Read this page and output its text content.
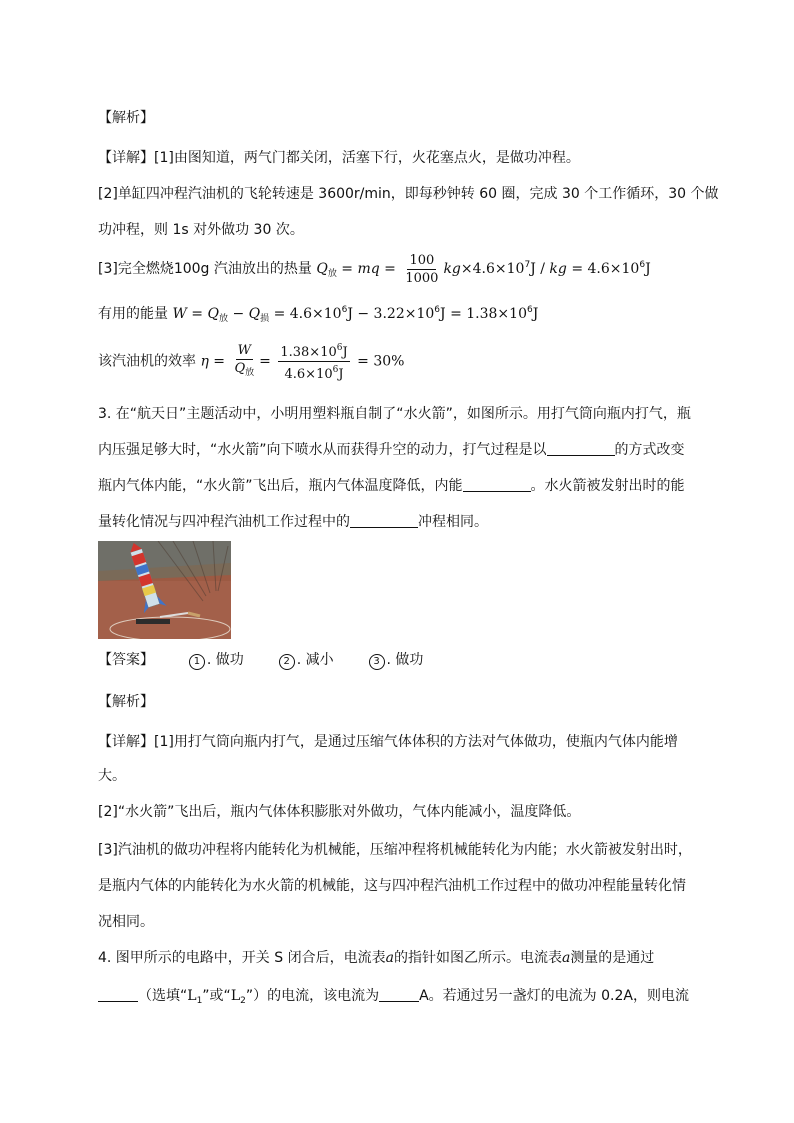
【解析】
【详解】[1]由图知道，两气门都关闭，活塞下行，火花塞点火，是做功冲程。
[2]单缸四冲程汽油机的飞轮转速是 3600r/min，即每秒钟转 60 圈，完成 30 个工作循环，30 个做
功冲程，则 1s 对外做功 30 次。
[3]完全燃烧100g 汽油放出的热量 $Q_放$ = mq = $\frac{100}{1000} kg\times 4.6\times 10^7J$ / kg = $4.6\times 10^6J$
有用的能量 $W = Q_放 - Q_损 = 4.6\times 10^6J - 3.22\times 10^6J = 1.38\times 10^6J$
该汽油机的效率 $\eta = \frac{W}{Q_放} = \frac{1.38\times 10^6J}{4.6\times 10^6J} = 30\%$
3. 在“航天日”主题活动中，小明用塑料瓶自制了“水火箭”，如图所示。用打气筒向瓶内打气，瓶
内压强足够大时，“水火箭”向下喷水从而获得升空的动力，打气过程是以	的方式改变
瓶内气体内能，“水火箭”飞出后，瓶内气体温度降低，内能	。水火箭被发射出时的能
量转化情况与四冲程汽油机工作过程中的	冲程相同。
【答案】	1 . 做功	2 . 减小	3 . 做功
【解析】
【详解】[1]用打气筒向瓶内打气，是通过压缩气体体积的方法对气体做功，使瓶内气体内能增
大。
[2]“水火箭”飞出后，瓶内气体体积膨胀对外做功，气体内能减小，温度降低。
[3]汽油机的做功冲程将内能转化为机械能，压缩冲程将机械能转化为内能；水火箭被发射出时，
是瓶内气体的内能转化为水火箭的机械能，这与四冲程汽油机工作过程中的做功冲程能量转化情
况相同。
4. 图甲所示的电路中，开关 S 闭合后，电流表a的指针如图乙所示。电流表a测量的是通过
（选填“$L_1$”或“$L_2$”）的电流，该电流为	A。若通过另一盏灯的电流为 0.2A，则电流
